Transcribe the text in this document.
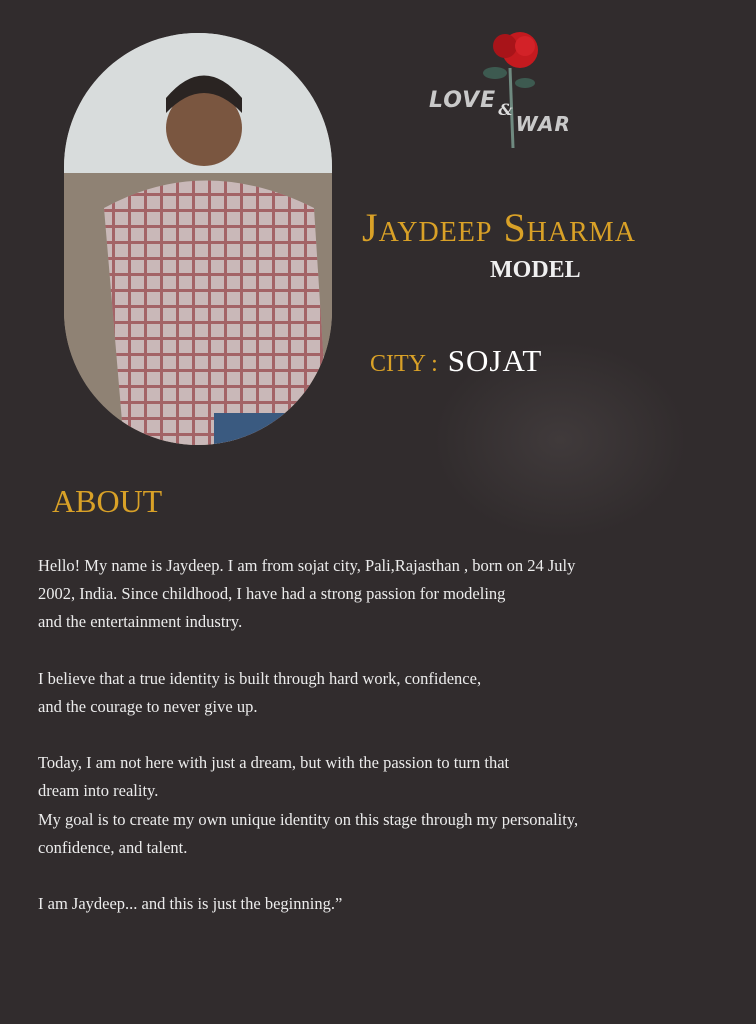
LOVE &
WAR
Jaydeep Sharma
MODEL
CITY : SOJAT
ABOUT
Hello! My name is Jaydeep. I am from sojat city, Pali,Rajasthan , born on 24 July
2002, India. Since childhood, I have had a strong passion for modeling
and the entertainment industry.
I believe that a true identity is built through hard work, confidence,
and the courage to never give up.
Today, I am not here with just a dream, but with the passion to turn that
dream into reality.
My goal is to create my own unique identity on this stage through my personality,
confidence, and talent.
I am Jaydeep... and this is just the beginning.”
